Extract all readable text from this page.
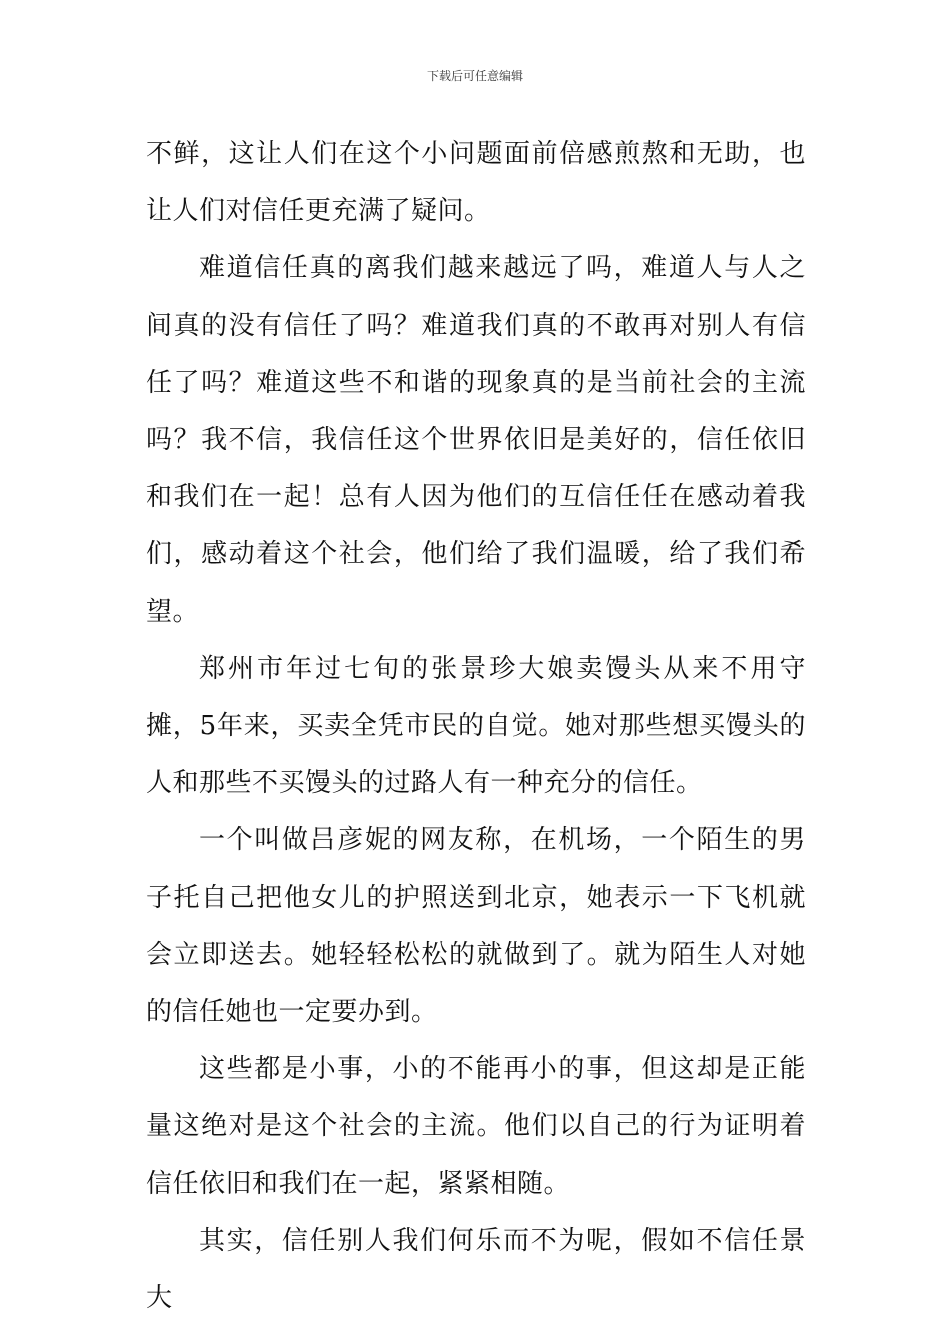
下载后可任意编辑

不鲜，这让人们在这个小问题面前倍感煎熬和无助，也让人们对信任更充满了疑问。

难道信任真的离我们越来越远了吗，难道人与人之间真的没有信任了吗？难道我们真的不敢再对别人有信任了吗？难道这些不和谐的现象真的是当前社会的主流吗？我不信，我信任这个世界依旧是美好的，信任依旧和我们在一起！总有人因为他们的互信任任在感动着我们，感动着这个社会，他们给了我们温暖，给了我们希望。

郑州市年过七旬的张景珍大娘卖馒头从来不用守摊，5年来，买卖全凭市民的自觉。她对那些想买馒头的人和那些不买馒头的过路人有一种充分的信任。

一个叫做吕彦妮的网友称，在机场，一个陌生的男子托自己把他女儿的护照送到北京，她表示一下飞机就会立即送去。她轻轻松松的就做到了。就为陌生人对她的信任她也一定要办到。

这些都是小事，小的不能再小的事，但这却是正能量这绝对是这个社会的主流。他们以自己的行为证明着信任依旧和我们在一起，紧紧相随。

其实，信任别人我们何乐而不为呢，假如不信任景大
